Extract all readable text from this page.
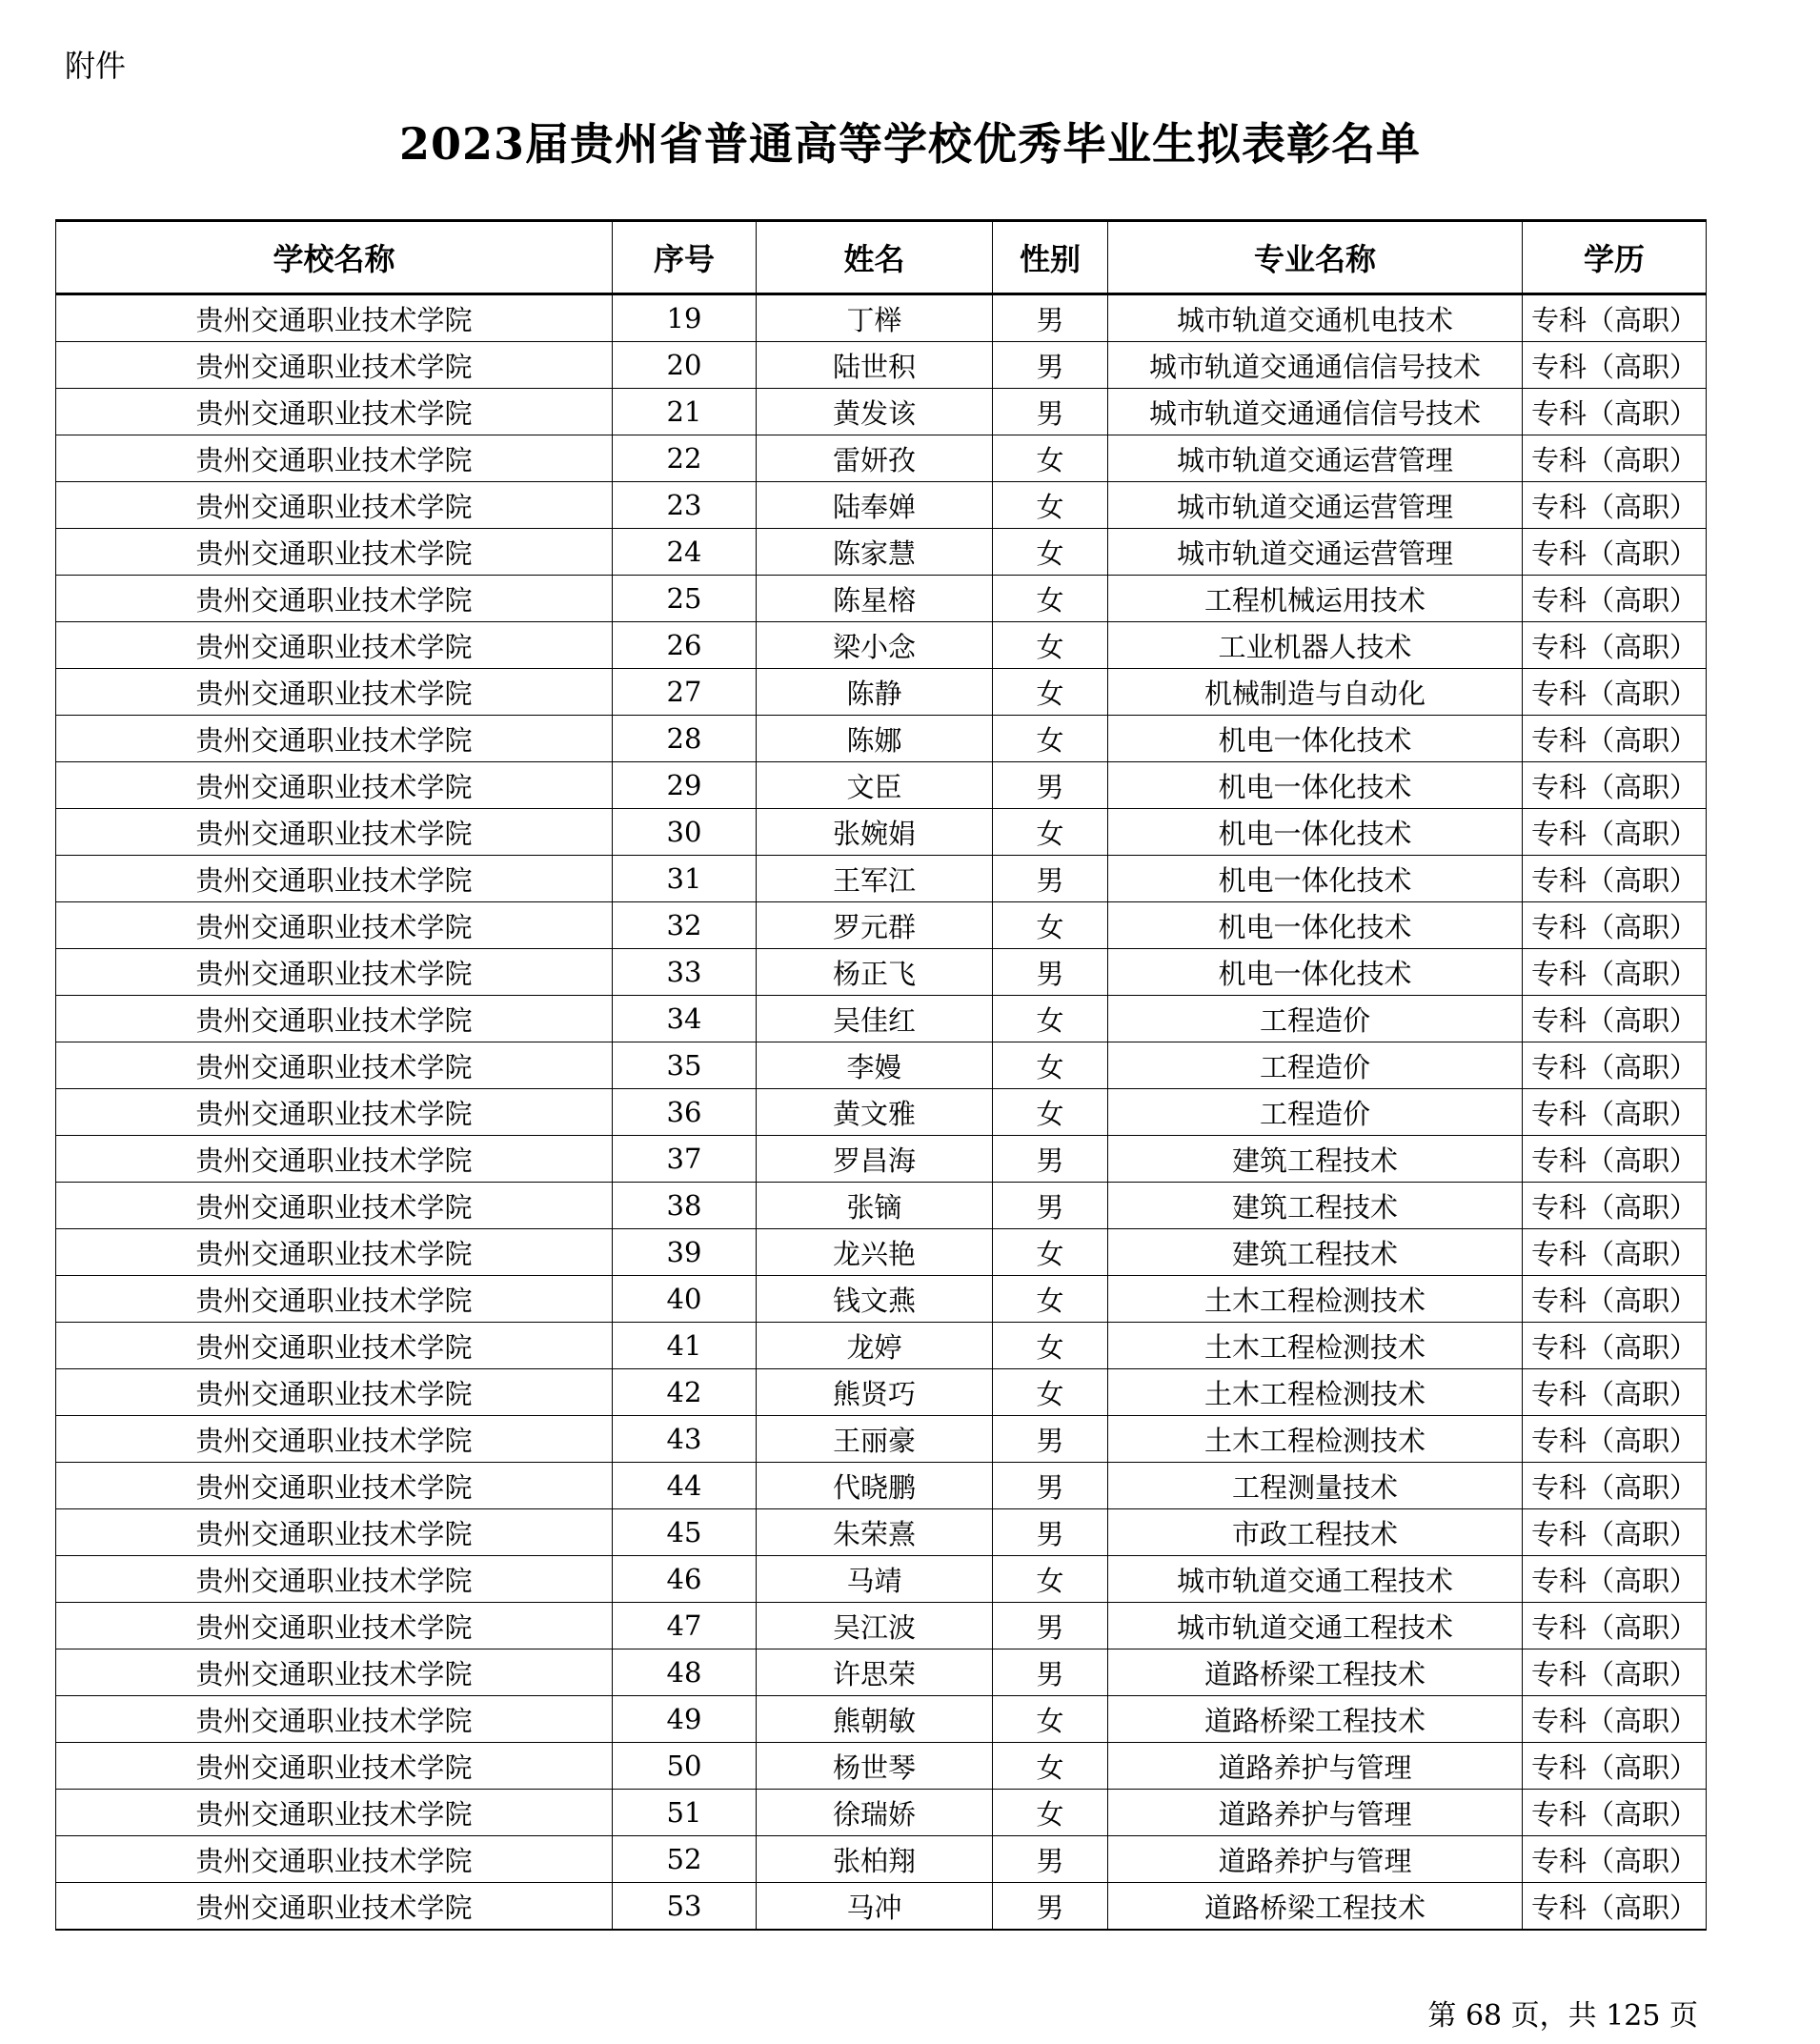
附件
2023届贵州省普通高等学校优秀毕业生拟表彰名单
学校名称	序号	姓名	性别	专业名称	学历
贵州交通职业技术学院	19	丁榉	男	城市轨道交通机电技术	专科（高职）
贵州交通职业技术学院	20	陆世积	男	城市轨道交通通信信号技术	专科（高职）
贵州交通职业技术学院	21	黄发该	男	城市轨道交通通信信号技术	专科（高职）
贵州交通职业技术学院	22	雷妍孜	女	城市轨道交通运营管理	专科（高职）
贵州交通职业技术学院	23	陆奉婵	女	城市轨道交通运营管理	专科（高职）
贵州交通职业技术学院	24	陈家慧	女	城市轨道交通运营管理	专科（高职）
贵州交通职业技术学院	25	陈星榕	女	工程机械运用技术	专科（高职）
贵州交通职业技术学院	26	梁小念	女	工业机器人技术	专科（高职）
贵州交通职业技术学院	27	陈静	女	机械制造与自动化	专科（高职）
贵州交通职业技术学院	28	陈娜	女	机电一体化技术	专科（高职）
贵州交通职业技术学院	29	文臣	男	机电一体化技术	专科（高职）
贵州交通职业技术学院	30	张婉娟	女	机电一体化技术	专科（高职）
贵州交通职业技术学院	31	王军江	男	机电一体化技术	专科（高职）
贵州交通职业技术学院	32	罗元群	女	机电一体化技术	专科（高职）
贵州交通职业技术学院	33	杨正飞	男	机电一体化技术	专科（高职）
贵州交通职业技术学院	34	吴佳红	女	工程造价	专科（高职）
贵州交通职业技术学院	35	李嫚	女	工程造价	专科（高职）
贵州交通职业技术学院	36	黄文雅	女	工程造价	专科（高职）
贵州交通职业技术学院	37	罗昌海	男	建筑工程技术	专科（高职）
贵州交通职业技术学院	38	张镝	男	建筑工程技术	专科（高职）
贵州交通职业技术学院	39	龙兴艳	女	建筑工程技术	专科（高职）
贵州交通职业技术学院	40	钱文燕	女	土木工程检测技术	专科（高职）
贵州交通职业技术学院	41	龙婷	女	土木工程检测技术	专科（高职）
贵州交通职业技术学院	42	熊贤巧	女	土木工程检测技术	专科（高职）
贵州交通职业技术学院	43	王丽豪	男	土木工程检测技术	专科（高职）
贵州交通职业技术学院	44	代晓鹏	男	工程测量技术	专科（高职）
贵州交通职业技术学院	45	朱荣熹	男	市政工程技术	专科（高职）
贵州交通职业技术学院	46	马靖	女	城市轨道交通工程技术	专科（高职）
贵州交通职业技术学院	47	吴江波	男	城市轨道交通工程技术	专科（高职）
贵州交通职业技术学院	48	许思荣	男	道路桥梁工程技术	专科（高职）
贵州交通职业技术学院	49	熊朝敏	女	道路桥梁工程技术	专科（高职）
贵州交通职业技术学院	50	杨世琴	女	道路养护与管理	专科（高职）
贵州交通职业技术学院	51	徐瑞娇	女	道路养护与管理	专科（高职）
贵州交通职业技术学院	52	张柏翔	男	道路养护与管理	专科（高职）
贵州交通职业技术学院	53	马冲	男	道路桥梁工程技术	专科（高职）
第 68 页，共 125 页
